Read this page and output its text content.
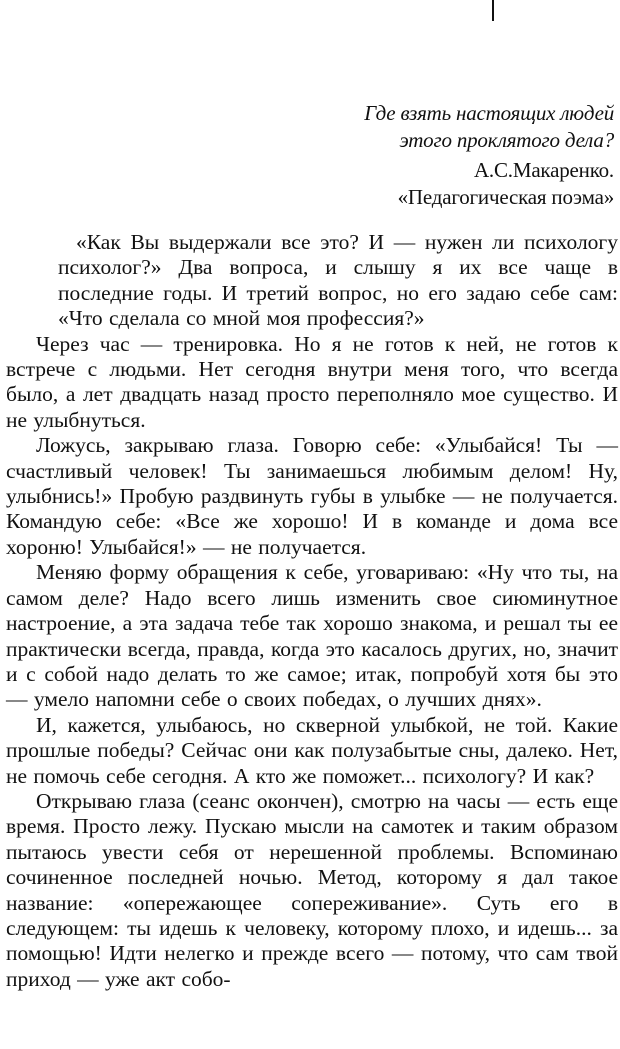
Где взять настоящих людей
этого проклятого дела?
А.С.Макаренко.
«Педагогическая поэма»

«Как Вы выдержали все это? И — нужен ли психологу психолог?» Два вопроса, и слышу я их все чаще в последние годы. И третий вопрос, но его задаю себе сам: «Что сделала со мной моя профессия?»

Через час — тренировка. Но я не готов к ней, не готов к встрече с людьми. Нет сегодня внутри меня того, что всегда было, а лет двадцать назад просто переполняло мое существо. И не улыбнуться.

Ложусь, закрываю глаза. Говорю себе: «Улыбайся! Ты — счастливый человек! Ты занимаешься любимым делом! Ну, улыбнись!» Пробую раздвинуть губы в улыбке — не получается. Командую себе: «Все же хорошо! И в команде и дома все хороню! Улыбайся!» — не получается.

Меняю форму обращения к себе, уговариваю: «Ну что ты, на самом деле? Надо всего лишь изменить свое сиюминутное настроение, а эта задача тебе так хорошо знакома, и решал ты ее практически всегда, правда, когда это касалось других, но, значит и с собой надо делать то же самое; итак, попробуй хотя бы это — умело напомни себе о своих победах, о лучших днях».

И, кажется, улыбаюсь, но скверной улыбкой, не той. Какие прошлые победы? Сейчас они как полузабытые сны, далеко. Нет, не помочь себе сегодня. А кто же поможет... психологу? И как?

Открываю глаза (сеанс окончен), смотрю на часы — есть еще время. Просто лежу. Пускаю мысли на самотек и таким образом пытаюсь увести себя от нерешенной проблемы. Вспоминаю сочиненное последней ночью. Метод, которому я дал такое название: «опережающее сопереживание». Суть его в следующем: ты идешь к человеку, которому плохо, и идешь... за помощью! Идти нелегко и прежде всего — потому, что сам твой приход — уже акт собо-
